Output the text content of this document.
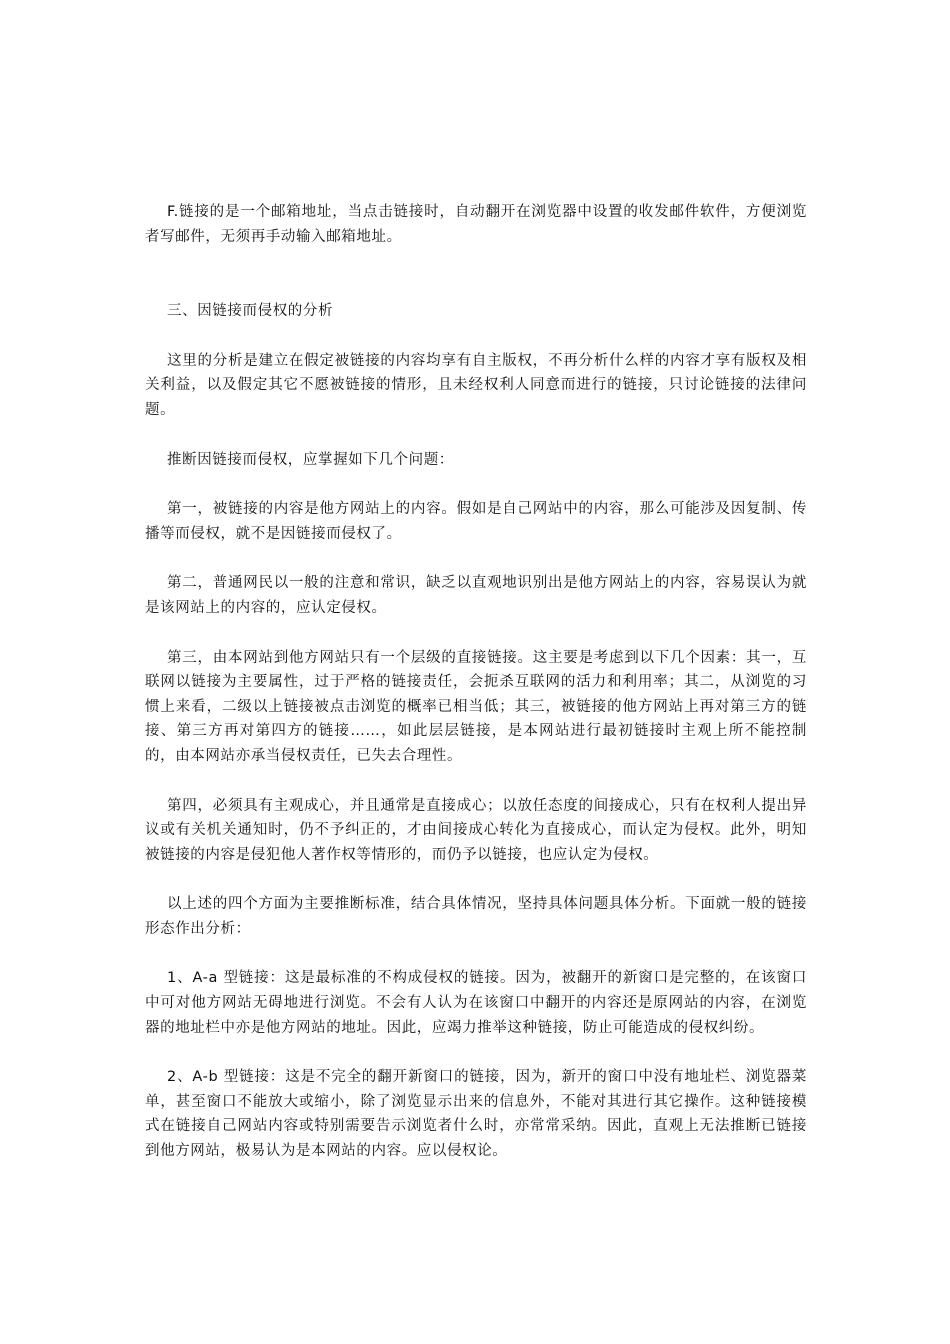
F.链接的是一个邮箱地址，当点击链接时，自动翻开在浏览器中设置的收发邮件软件，方便浏览者写邮件，无须再手动输入邮箱地址。

三、因链接而侵权的分析

这里的分析是建立在假定被链接的内容均享有自主版权，不再分析什么样的内容才享有版权及相关利益，以及假定其它不愿被链接的情形，且未经权利人同意而进行的链接，只讨论链接的法律问题。

推断因链接而侵权，应掌握如下几个问题：

第一，被链接的内容是他方网站上的内容。假如是自己网站中的内容，那么可能涉及因复制、传播等而侵权，就不是因链接而侵权了。

第二，普通网民以一般的注意和常识，缺乏以直观地识别出是他方网站上的内容，容易误认为就是该网站上的内容的，应认定侵权。

第三，由本网站到他方网站只有一个层级的直接链接。这主要是考虑到以下几个因素：其一，互联网以链接为主要属性，过于严格的链接责任，会扼杀互联网的活力和利用率；其二，从浏览的习惯上来看，二级以上链接被点击浏览的概率已相当低；其三，被链接的他方网站上再对第三方的链接、第三方再对第四方的链接……，如此层层链接，是本网站进行最初链接时主观上所不能控制的，由本网站亦承当侵权责任，已失去合理性。

第四，必须具有主观成心，并且通常是直接成心；以放任态度的间接成心，只有在权利人提出异议或有关机关通知时，仍不予纠正的，才由间接成心转化为直接成心，而认定为侵权。此外，明知被链接的内容是侵犯他人著作权等情形的，而仍予以链接，也应认定为侵权。

以上述的四个方面为主要推断标准，结合具体情况，坚持具体问题具体分析。下面就一般的链接形态作出分析：

1、A-a 型链接：这是最标准的不构成侵权的链接。因为，被翻开的新窗口是完整的，在该窗口中可对他方网站无碍地进行浏览。不会有人认为在该窗口中翻开的内容还是原网站的内容，在浏览器的地址栏中亦是他方网站的地址。因此，应竭力推举这种链接，防止可能造成的侵权纠纷。

2、A-b 型链接：这是不完全的翻开新窗口的链接，因为，新开的窗口中没有地址栏、浏览器菜单，甚至窗口不能放大或缩小，除了浏览显示出来的信息外，不能对其进行其它操作。这种链接模式在链接自己网站内容或特别需要告示浏览者什么时，亦常常采纳。因此，直观上无法推断已链接到他方网站，极易认为是本网站的内容。应以侵权论。
